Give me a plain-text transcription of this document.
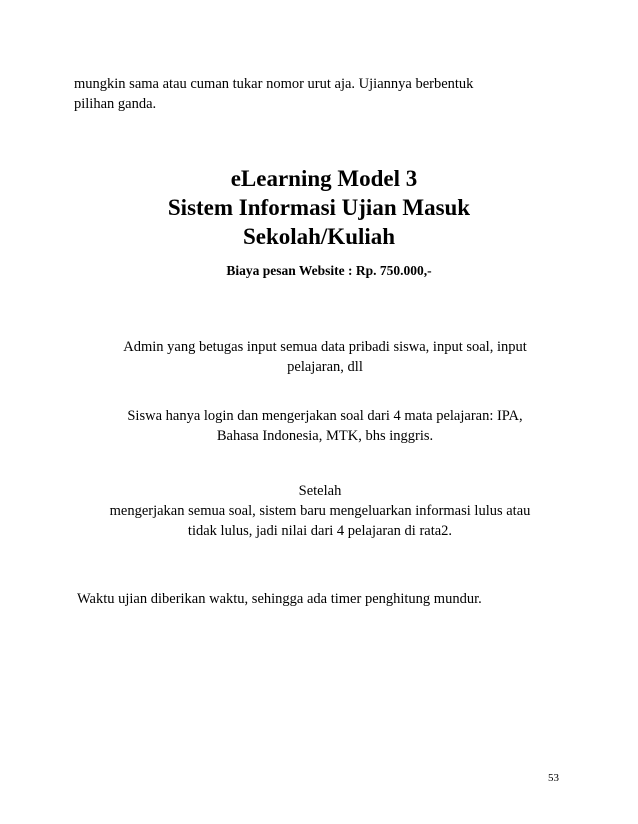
mungkin sama atau cuman tukar nomor urut aja. Ujiannya berbentuk
pilihan ganda.
eLearning Model 3
Sistem Informasi Ujian Masuk
Sekolah/Kuliah
Biaya pesan Website : Rp. 750.000,-
Admin yang betugas input semua data pribadi siswa, input soal, input
pelajaran, dll
Siswa hanya login dan mengerjakan soal dari 4 mata pelajaran: IPA,
Bahasa Indonesia, MTK, bhs inggris.
Setelah
mengerjakan semua soal, sistem baru mengeluarkan informasi lulus atau
tidak lulus, jadi nilai dari 4 pelajaran di rata2.
Waktu ujian diberikan waktu, sehingga ada timer penghitung mundur.
53
